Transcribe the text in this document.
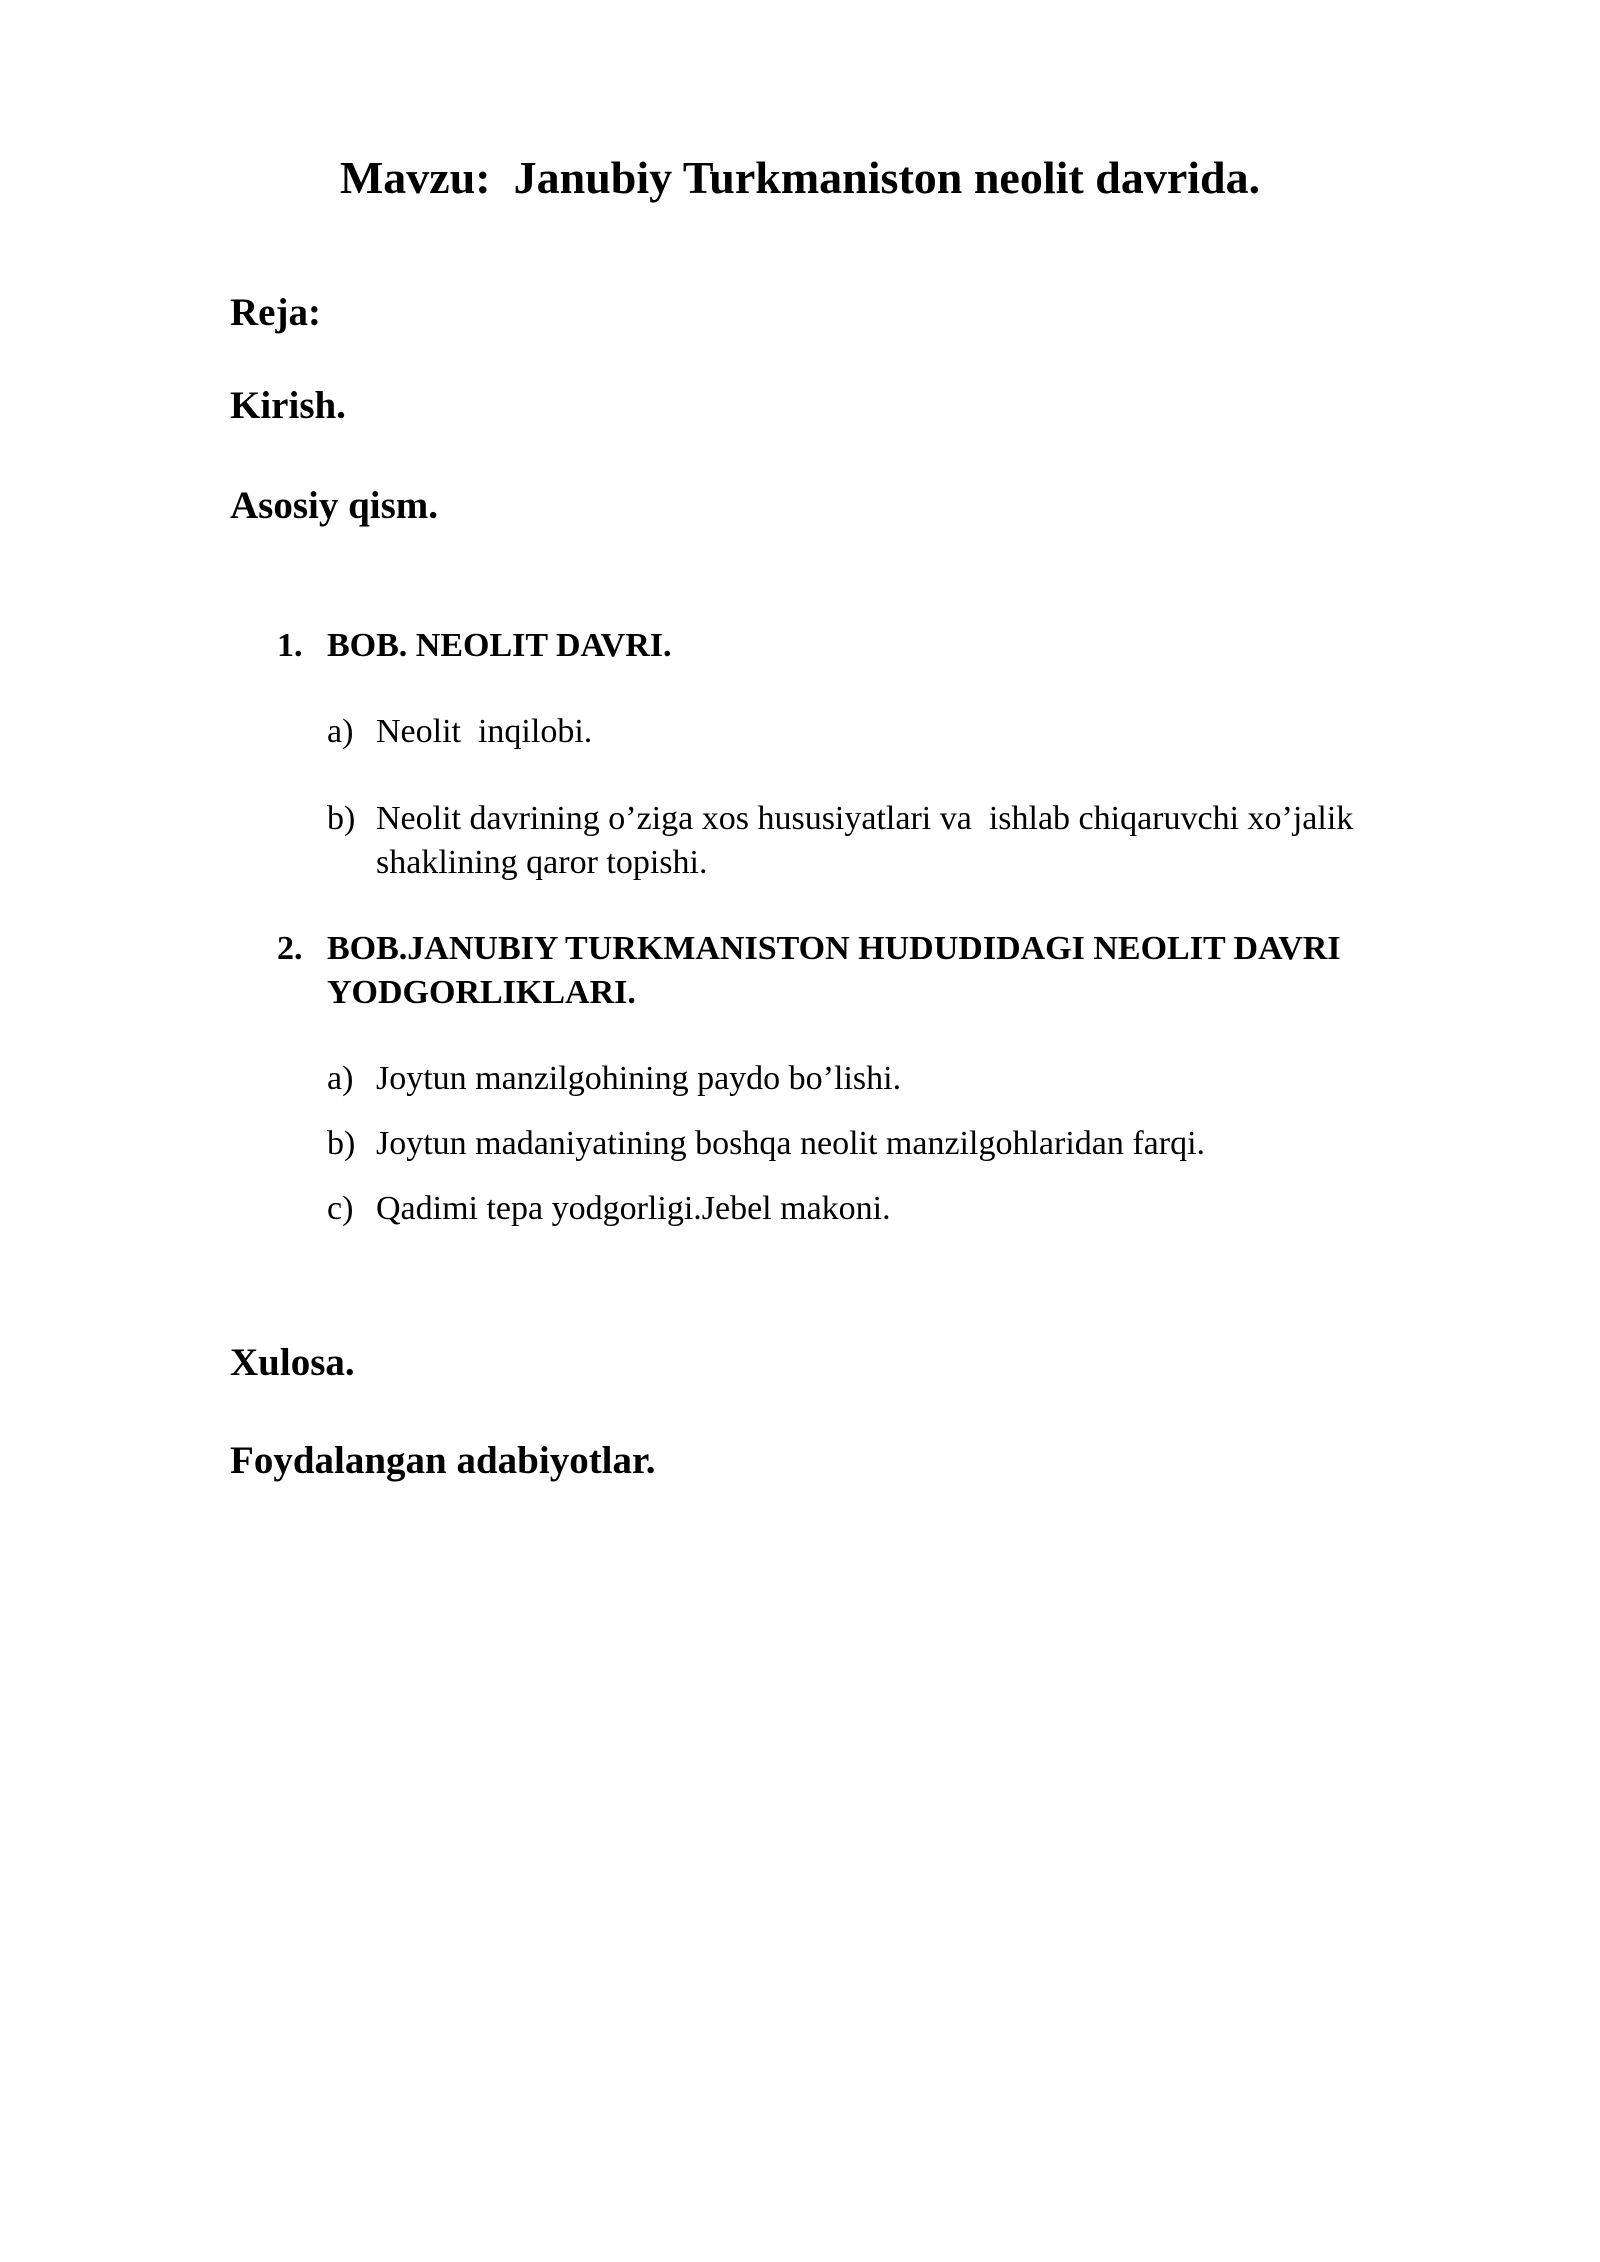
Mavzu:  Janubiy Turkmaniston neolit davrida.
Reja:
Kirish.
Asosiy qism.
1. BOB. NEOLIT DAVRI.
a) Neolit  inqilobi.
b) Neolit davrining o’ziga xos hususiyatlari va  ishlab chiqaruvchi xo’jalik shaklining qaror topishi.
2. BOB.JANUBIY TURKMANISTON HUDUDIDAGI NEOLIT DAVRI YODGORLIKLARI.
a) Joytun manzilgohining paydo bo’lishi.
b) Joytun madaniyatining boshqa neolit manzilgohlaridan farqi.
c) Qadimi tepa yodgorligi.Jebel makoni.
Xulosa.
Foydalangan adabiyotlar.
